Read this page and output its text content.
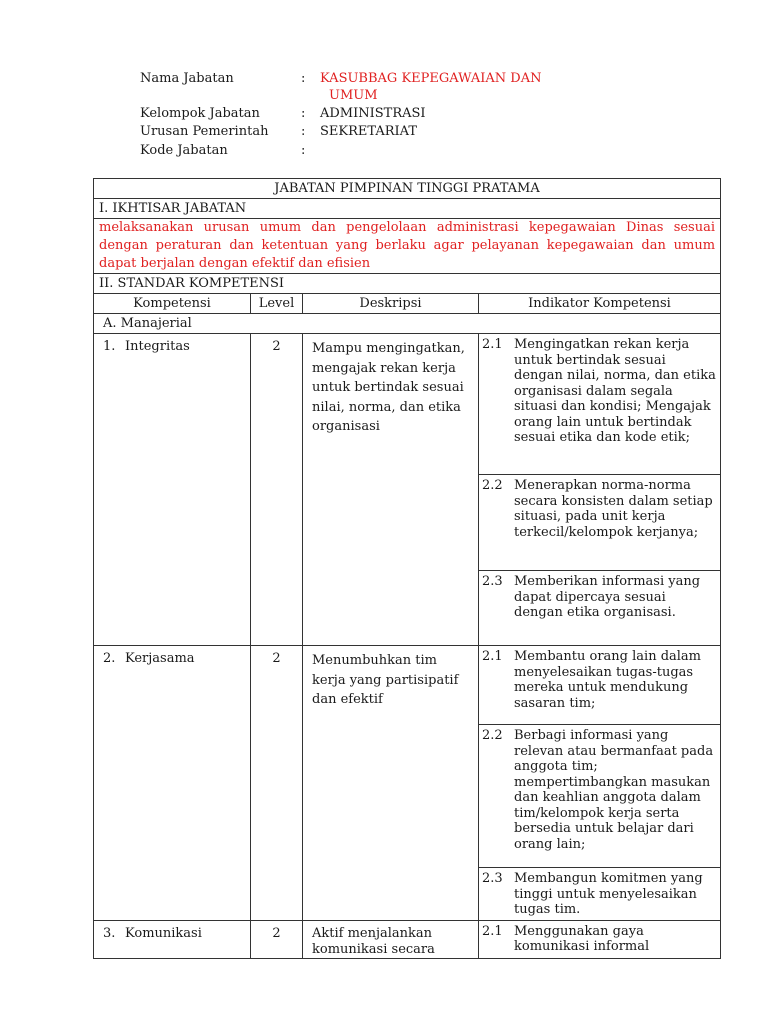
Nama Jabatan	: KASUBBAG KEPEGAWAIAN DAN
UMUM
Kelompok Jabatan	: ADMINISTRASI
Urusan Pemerintah	: SEKRETARIAT
Kode Jabatan	:
JABATAN PIMPINAN TINGGI PRATAMA			
I. IKHTISAR JABATAN			
melaksanakan urusan umum dan pengelolaan administrasi kepegawaian Dinas sesuai dengan peraturan dan ketentuan yang berlaku agar pelayanan kepegawaian dan umum dapat berjalan dengan efektif dan efisien			
II. STANDAR KOMPETENSI			
Kompetensi	Level	Deskripsi	Indikator Kompetensi
A. Manajerial			
1. Integritas	2	Mampu mengingatkan, mengajak rekan kerja untuk bertindak sesuai nilai, norma, dan etika organisasi	2.1 Mengingatkan rekan kerja untuk bertindak sesuai dengan nilai, norma, dan etika organisasi dalam segala situasi dan kondisi; Mengajak orang lain untuk bertindak sesuai etika dan kode etik;

			2.2 Menerapkan norma-norma secara konsisten dalam setiap situasi, pada unit kerja terkecil/kelompok kerjanya;

			2.3 Memberikan informasi yang dapat dipercaya sesuai dengan etika organisasi.

2. Kerjasama	2	Menumbuhkan tim kerja yang partisipatif dan efektif	2.1 Membantu orang lain dalam menyelesaikan tugas-tugas mereka untuk mendukung sasaran tim;

			2.2 Berbagi informasi yang relevan atau bermanfaat pada anggota tim; mempertimbangkan masukan dan keahlian anggota dalam tim/kelompok kerja serta bersedia untuk belajar dari orang lain;

			2.3 Membangun komitmen yang tinggi untuk menyelesaikan tugas tim.

3. Komunikasi	2	Aktif menjalankan komunikasi secara	2.1 Menggunakan gaya komunikasi informal
